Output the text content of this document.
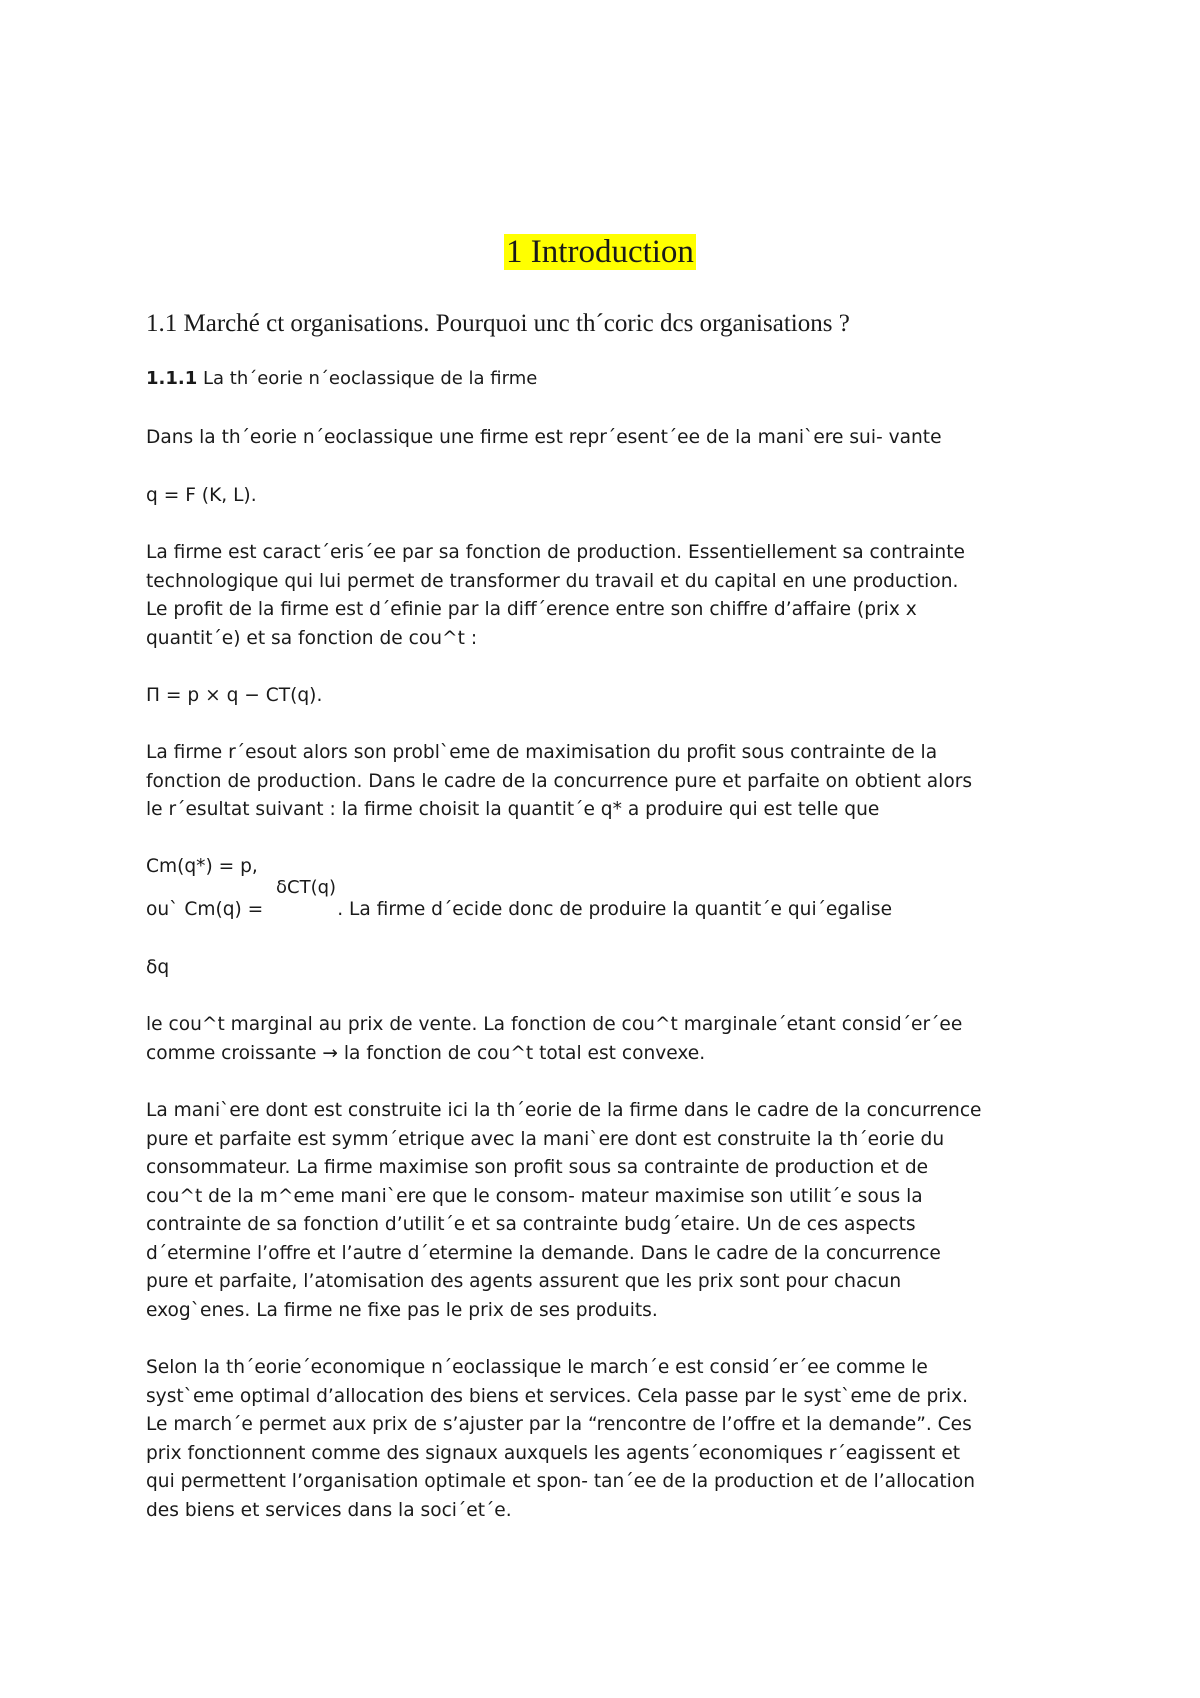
1 Introduction
1.1 Marché ct organisations. Pourquoi unc th´coric dcs organisations ?
1.1.1 La th´eorie n´eoclassique de la firme
Dans la th´eorie n´eoclassique une firme est repr´esent´ee de la mani`ere sui- vante
q = F (K, L).
La firme est caract´eris´ee par sa fonction de production. Essentiellement sa contrainte
technologique qui lui permet de transformer du travail et du capital en une production.
Le profit de la firme est d´efinie par la diff´erence entre son chiffre d’affaire (prix x
quantit´e) et sa fonction de cou^t :
Π = p × q − CT(q).
La firme r´esout alors son probl`eme de maximisation du profit sous contrainte de la
fonction de production. Dans le cadre de la concurrence pure et parfaite on obtient alors
le r´esultat suivant : la firme choisit la quantit´e q* a produire qui est telle que
Cm(q*) = p,
δCT(q)
ou` Cm(q) =	. La firme d´ecide donc de produire la quantit´e qui´egalise
δq
le cou^t marginal au prix de vente. La fonction de cou^t marginale´etant consid´er´ee
comme croissante → la fonction de cou^t total est convexe.
La mani`ere dont est construite ici la th´eorie de la firme dans le cadre de la concurrence
pure et parfaite est symm´etrique avec la mani`ere dont est construite la th´eorie du
consommateur. La firme maximise son profit sous sa contrainte de production et de
cou^t de la m^eme mani`ere que le consom- mateur maximise son utilit´e sous la
contrainte de sa fonction d’utilit´e et sa contrainte budg´etaire. Un de ces aspects
d´etermine l’offre et l’autre d´etermine la demande. Dans le cadre de la concurrence
pure et parfaite, l’atomisation des agents assurent que les prix sont pour chacun
exog`enes. La firme ne fixe pas le prix de ses produits.
Selon la th´eorie´economique n´eoclassique le march´e est consid´er´ee comme le
syst`eme optimal d’allocation des biens et services. Cela passe par le syst`eme de prix.
Le march´e permet aux prix de s’ajuster par la “rencontre de l’offre et la demande”. Ces
prix fonctionnent comme des signaux auxquels les agents´economiques r´eagissent et
qui permettent l’organisation optimale et spon- tan´ee de la production et de l’allocation
des biens et services dans la soci´et´e.
